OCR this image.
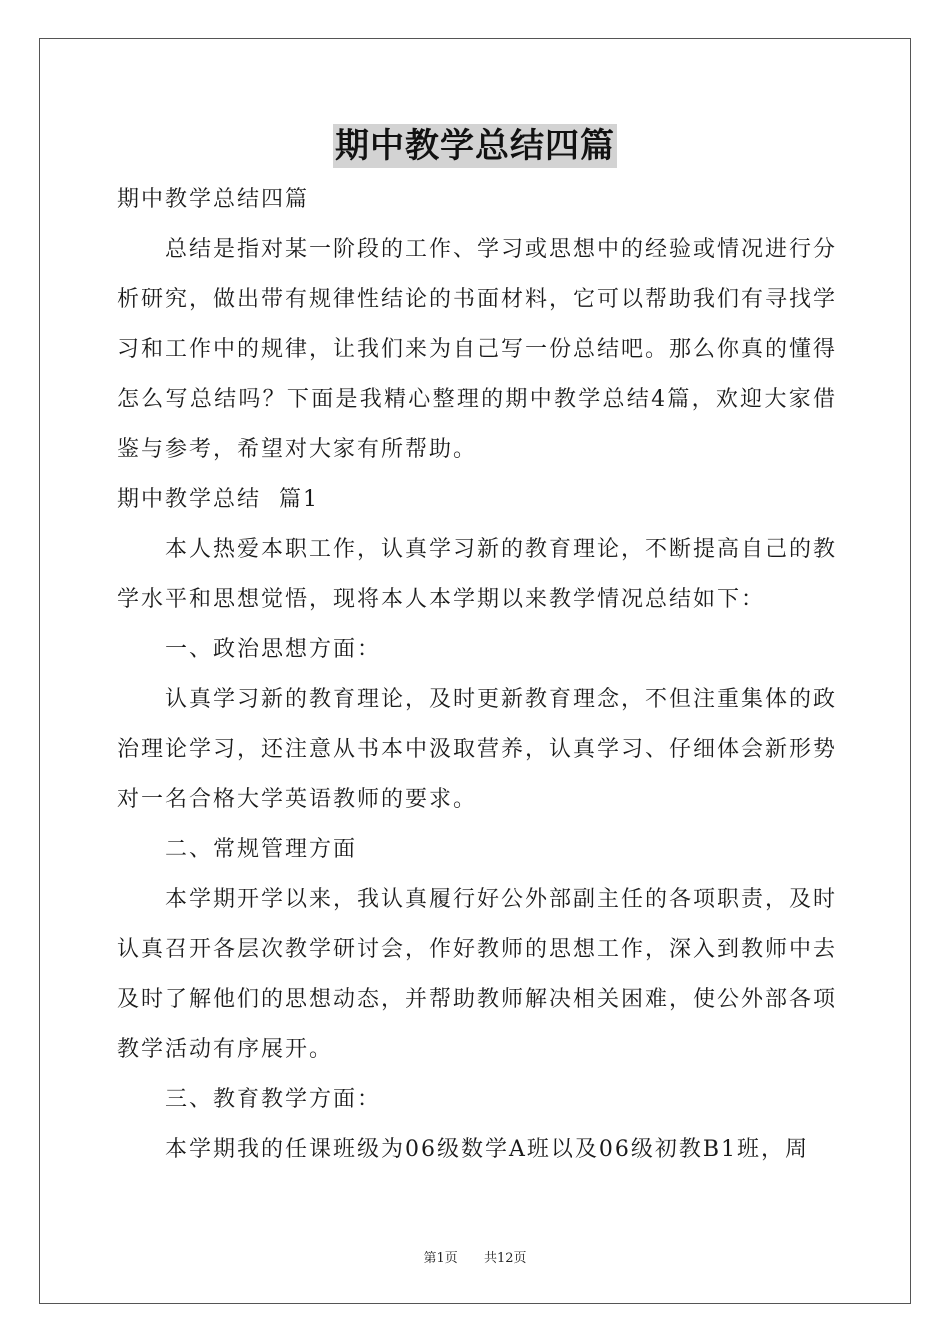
期中教学总结四篇

期中教学总结四篇

总结是指对某一阶段的工作、学习或思想中的经验或情况进行分析研究，做出带有规律性结论的书面材料，它可以帮助我们有寻找学习和工作中的规律，让我们来为自己写一份总结吧。那么你真的懂得怎么写总结吗？下面是我精心整理的期中教学总结4篇，欢迎大家借鉴与参考，希望对大家有所帮助。

期中教学总结  篇1

本人热爱本职工作，认真学习新的教育理论，不断提高自己的教学水平和思想觉悟，现将本人本学期以来教学情况总结如下：

一、政治思想方面：

认真学习新的教育理论，及时更新教育理念，不但注重集体的政治理论学习，还注意从书本中汲取营养，认真学习、仔细体会新形势对一名合格大学英语教师的要求。

二、常规管理方面

本学期开学以来，我认真履行好公外部副主任的各项职责，及时认真召开各层次教学研讨会，作好教师的思想工作，深入到教师中去及时了解他们的思想动态，并帮助教师解决相关困难，使公外部各项教学活动有序展开。

三、教育教学方面：

本学期我的任课班级为06级数学A班以及06级初教B1班，周

第1页 共12页
